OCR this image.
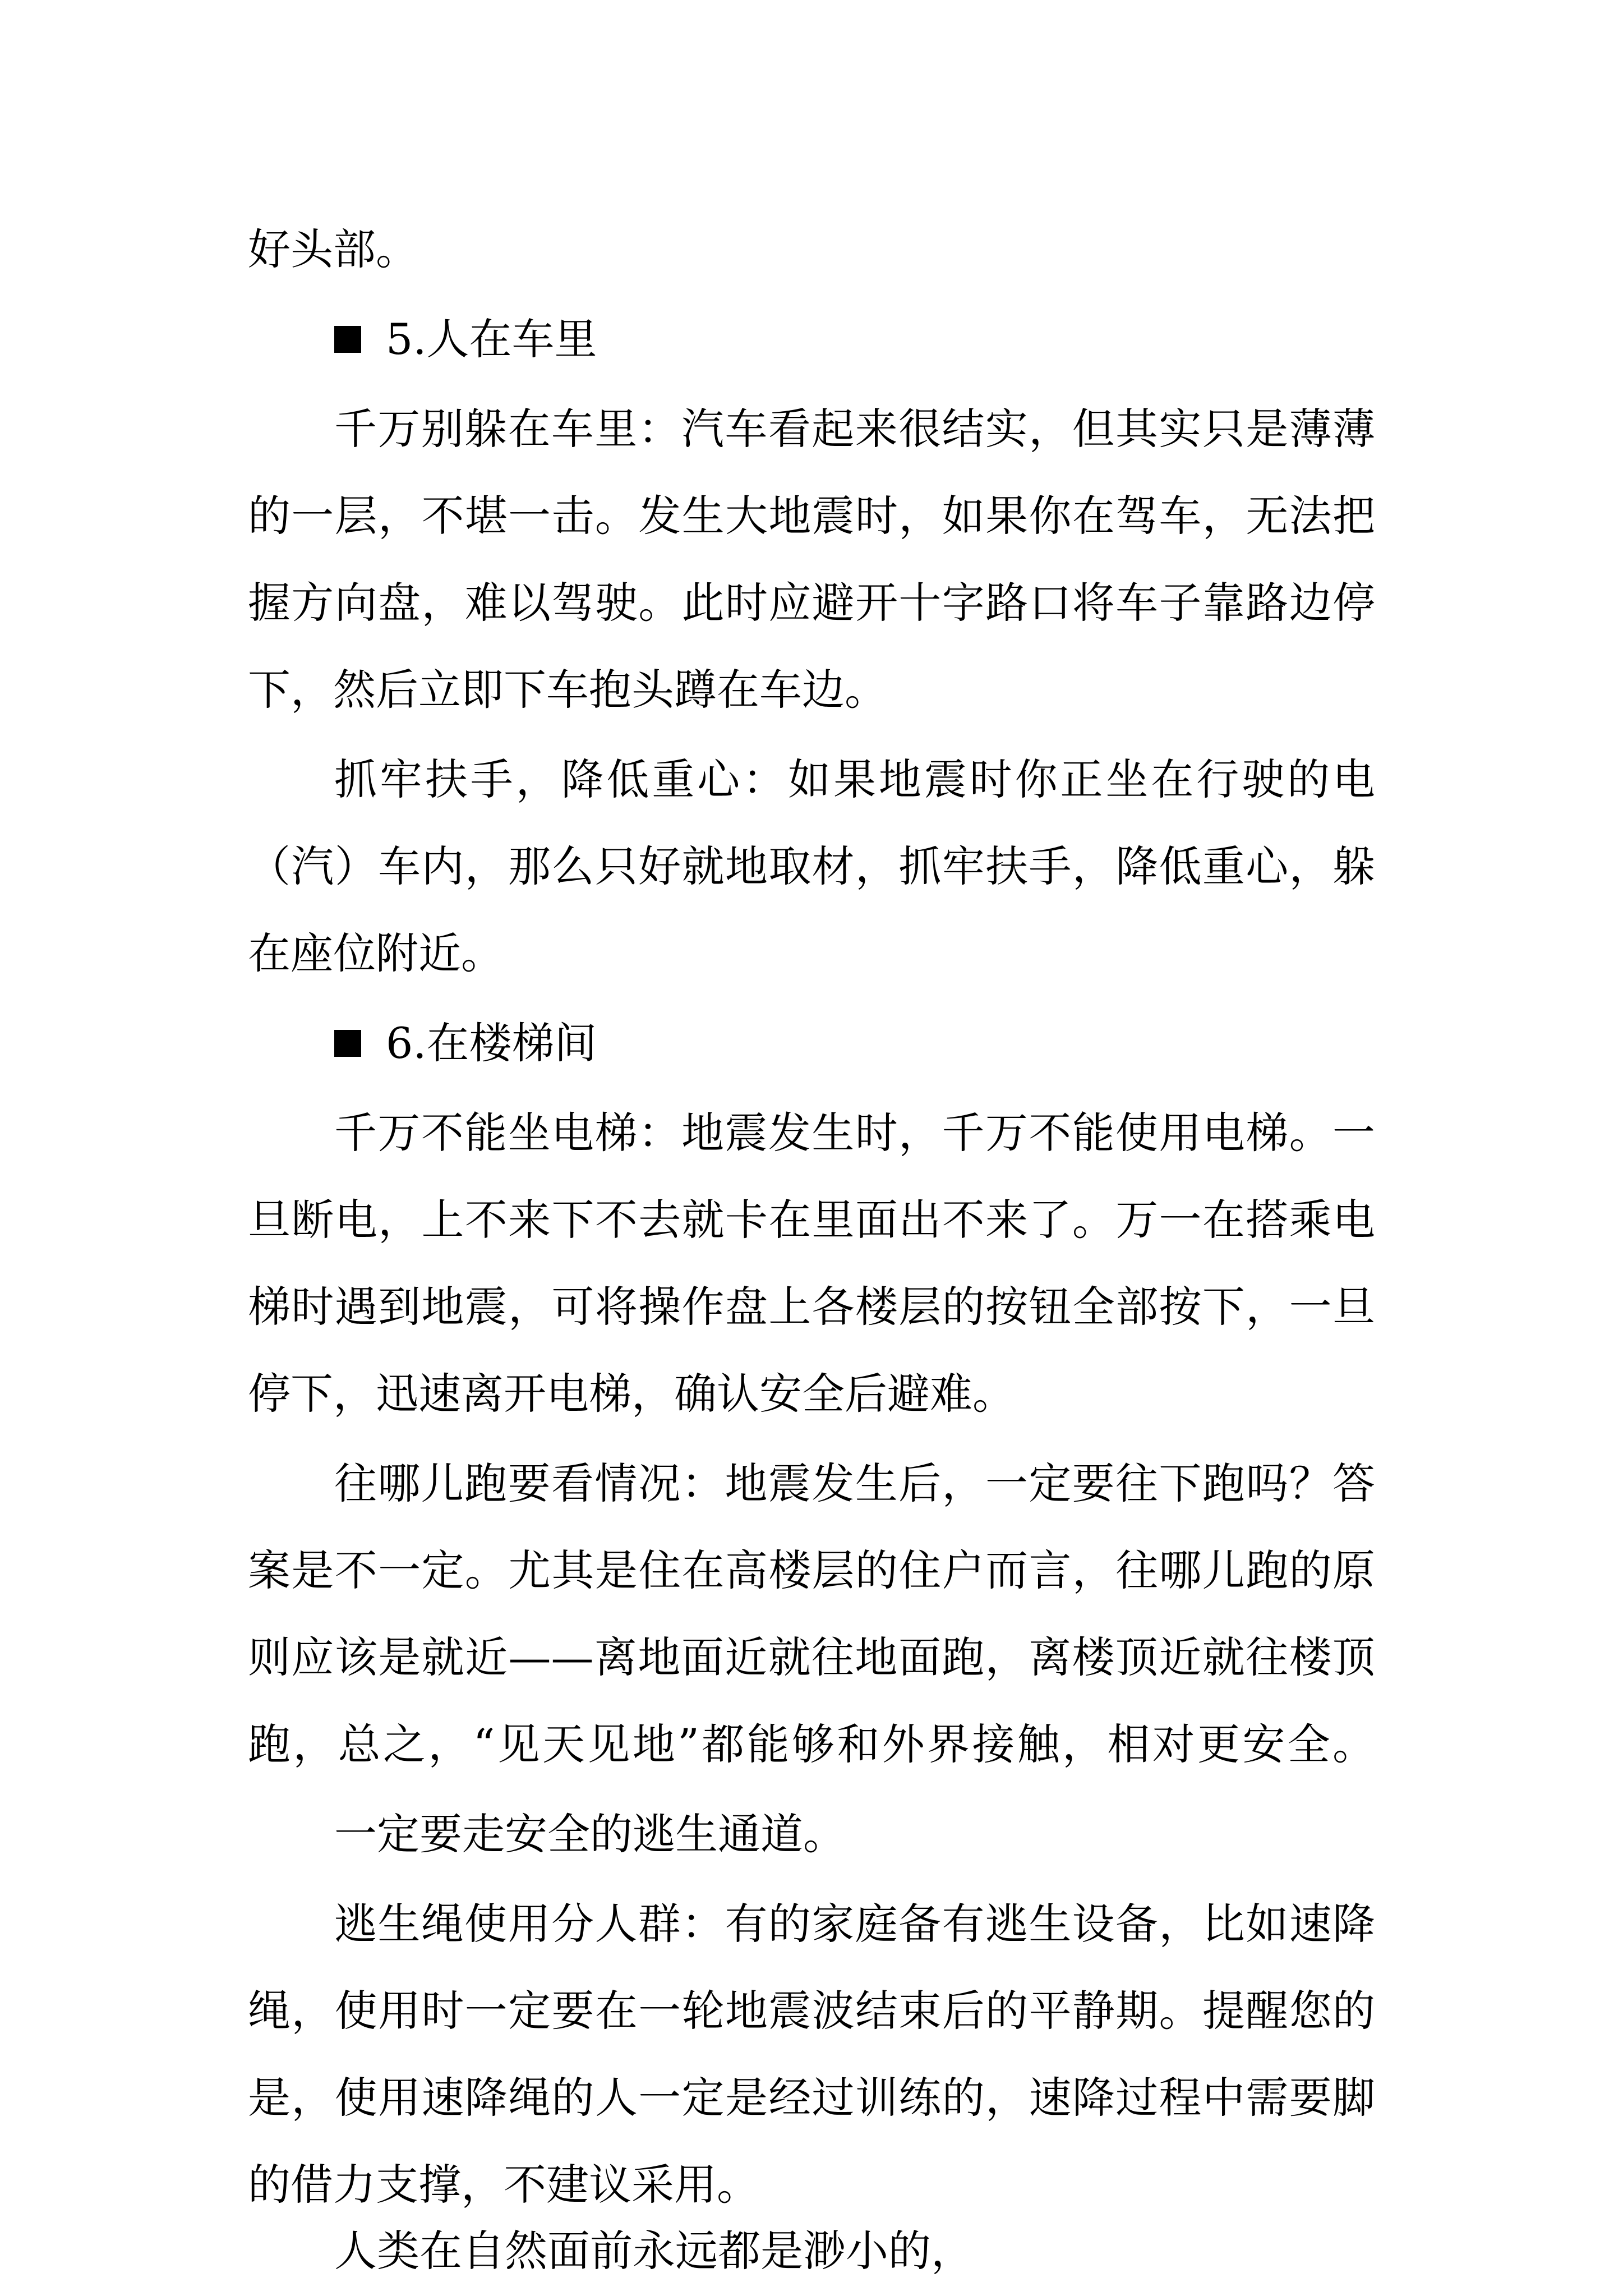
好头部。
5.人在车里
千万别躲在车里：汽车看起来很结实，但其实只是薄薄
的一层，不堪一击。发生大地震时，如果你在驾车，无法把
握方向盘，难以驾驶。此时应避开十字路口将车子靠路边停
下，然后立即下车抱头蹲在车边。
抓牢扶手，降低重心：如果地震时你正坐在行驶的电
（汽）车内，那么只好就地取材，抓牢扶手，降低重心，躲
在座位附近。
6.在楼梯间
千万不能坐电梯：地震发生时，千万不能使用电梯。一
旦断电，上不来下不去就卡在里面出不来了。万一在搭乘电
梯时遇到地震，可将操作盘上各楼层的按钮全部按下，一旦
停下，迅速离开电梯，确认安全后避难。
往哪儿跑要看情况：地震发生后，一定要往下跑吗？答
案是不一定。尤其是住在高楼层的住户而言，往哪儿跑的原
则应该是就近——离地面近就往地面跑，离楼顶近就往楼顶
跑，总之，“见天见地”都能够和外界接触，相对更安全。
一定要走安全的逃生通道。
逃生绳使用分人群：有的家庭备有逃生设备，比如速降
绳，使用时一定要在一轮地震波结束后的平静期。提醒您的
是，使用速降绳的人一定是经过训练的，速降过程中需要脚
的借力支撑，不建议采用。
人类在自然面前永远都是渺小的，
